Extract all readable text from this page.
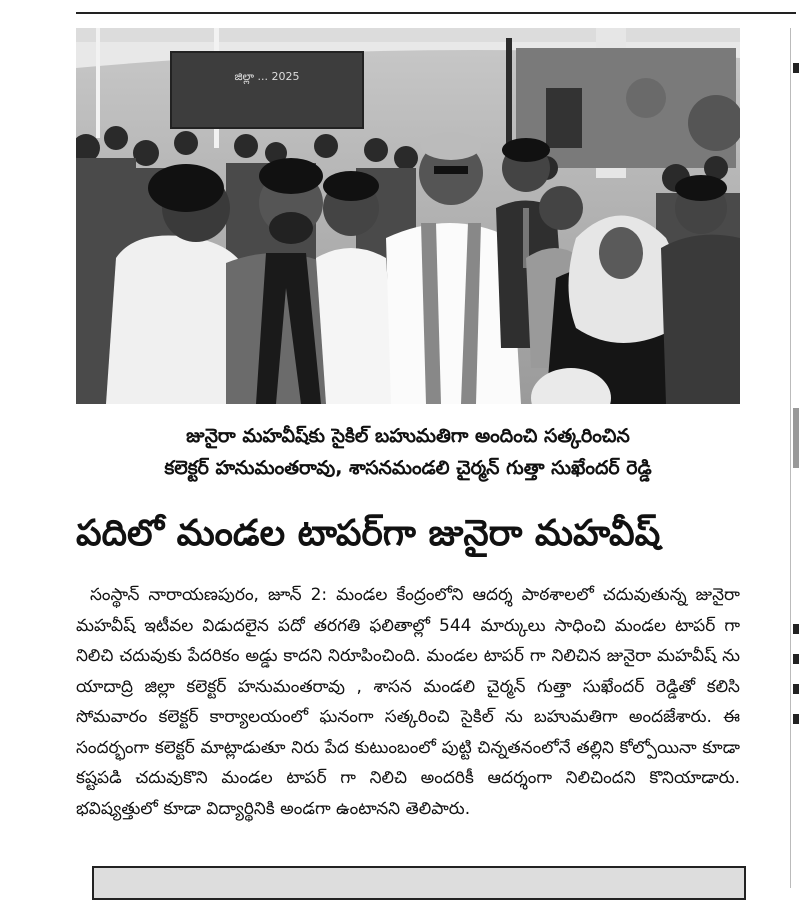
జిల్లా ... 2025
జునైరా మహవీష్‌కు సైకిల్ బహుమతిగా అందించి సత్కరించిన
కలెక్టర్ హనుమంతరావు, శాసనమండలి చైర్మన్ గుత్తా సుఖేందర్ రెడ్డి
పదిలో మండల టాపర్‌గా జునైరా మహవీష్

సంస్థాన్ నారాయణపురం, జూన్ 2: మండల కేంద్రంలోని ఆదర్శ పాఠశాలలో చదువుతున్న జునైరా మహవీష్ ఇటీవల విడుదలైన పదో తరగతి ఫలితాల్లో 544 మార్కులు సాధించి మండల టాపర్ గా నిలిచి చదువుకు పేదరికం అడ్డు కాదని నిరూపించింది. మండల టాపర్ గా నిలిచిన జునైరా మహవీష్ ను యాదాద్రి జిల్లా కలెక్టర్ హనుమంతరావు , శాసన మండలి చైర్మన్ గుత్తా సుఖేందర్ రెడ్డితో కలిసి సోమవారం కలెక్టర్ కార్యాలయంలో ఘనంగా సత్కరించి సైకిల్ ను బహుమతిగా అందజేశారు. ఈ సందర్భంగా కలెక్టర్ మాట్లాడుతూ నిరు పేద కుటుంబంలో పుట్టి చిన్నతనంలోనే తల్లిని కోల్పోయినా కూడా కష్టపడి చదువుకొని మండల టాపర్ గా నిలిచి అందరికీ ఆదర్శంగా నిలిచిందని కొనియాడారు. భవిష్యత్తులో కూడా విద్యార్థినికి అండగా ఉంటానని తెలిపారు.
